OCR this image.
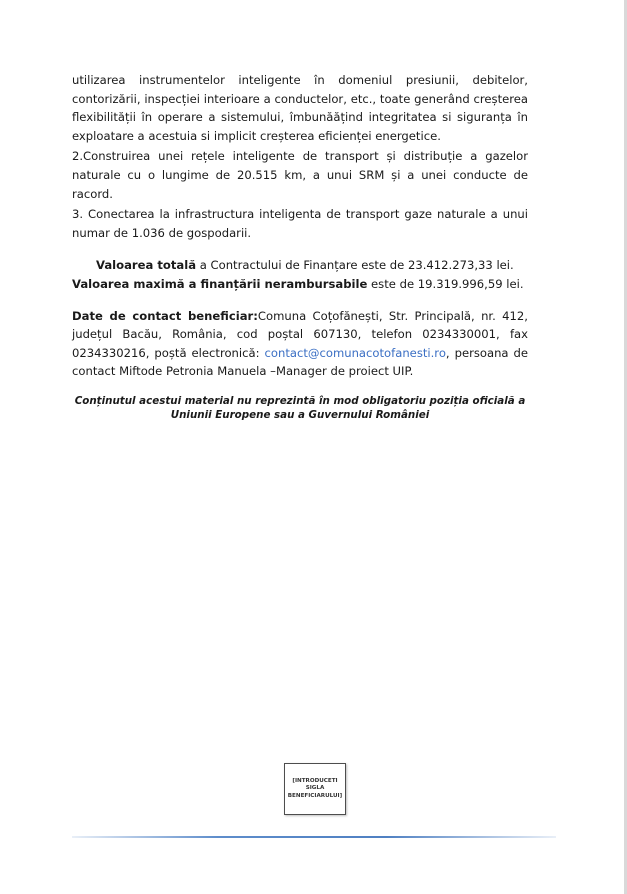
utilizarea instrumentelor inteligente în domeniul presiunii, debitelor, contorizării, inspecției interioare a conductelor, etc., toate generând creșterea flexibilității în operare a sistemului, îmbunăățind integritatea si siguranța în exploatare a acestuia si implicit creșterea eficienței energetice.

2.Construirea unei rețele inteligente de transport și distribuție a gazelor naturale cu o lungime de 20.515 km, a unui SRM și a unei conducte de racord.

3. Conectarea la infrastructura inteligenta de transport gaze naturale a unui numar de 1.036 de gospodarii.

Valoarea totală a Contractului de Finanțare este de 23.412.273,33 lei.

Valoarea maximă a finanțării nerambursabile este de 19.319.996,59 lei.

Date de contact beneficiar:Comuna Coțofănești, Str. Principală, nr. 412, județul Bacău, România, cod poștal 607130, telefon 0234330001, fax 0234330216, poștă electronică: contact@comunacotofanesti.ro, persoana de contact Miftode Petronia Manuela –Manager de proiect UIP.

Conținutul acestui material nu reprezintă în mod obligatoriu poziția oficială a Uniunii Europene sau a Guvernului României

[INTRODUCETI
SIGLA
BENEFICIARULUI]
